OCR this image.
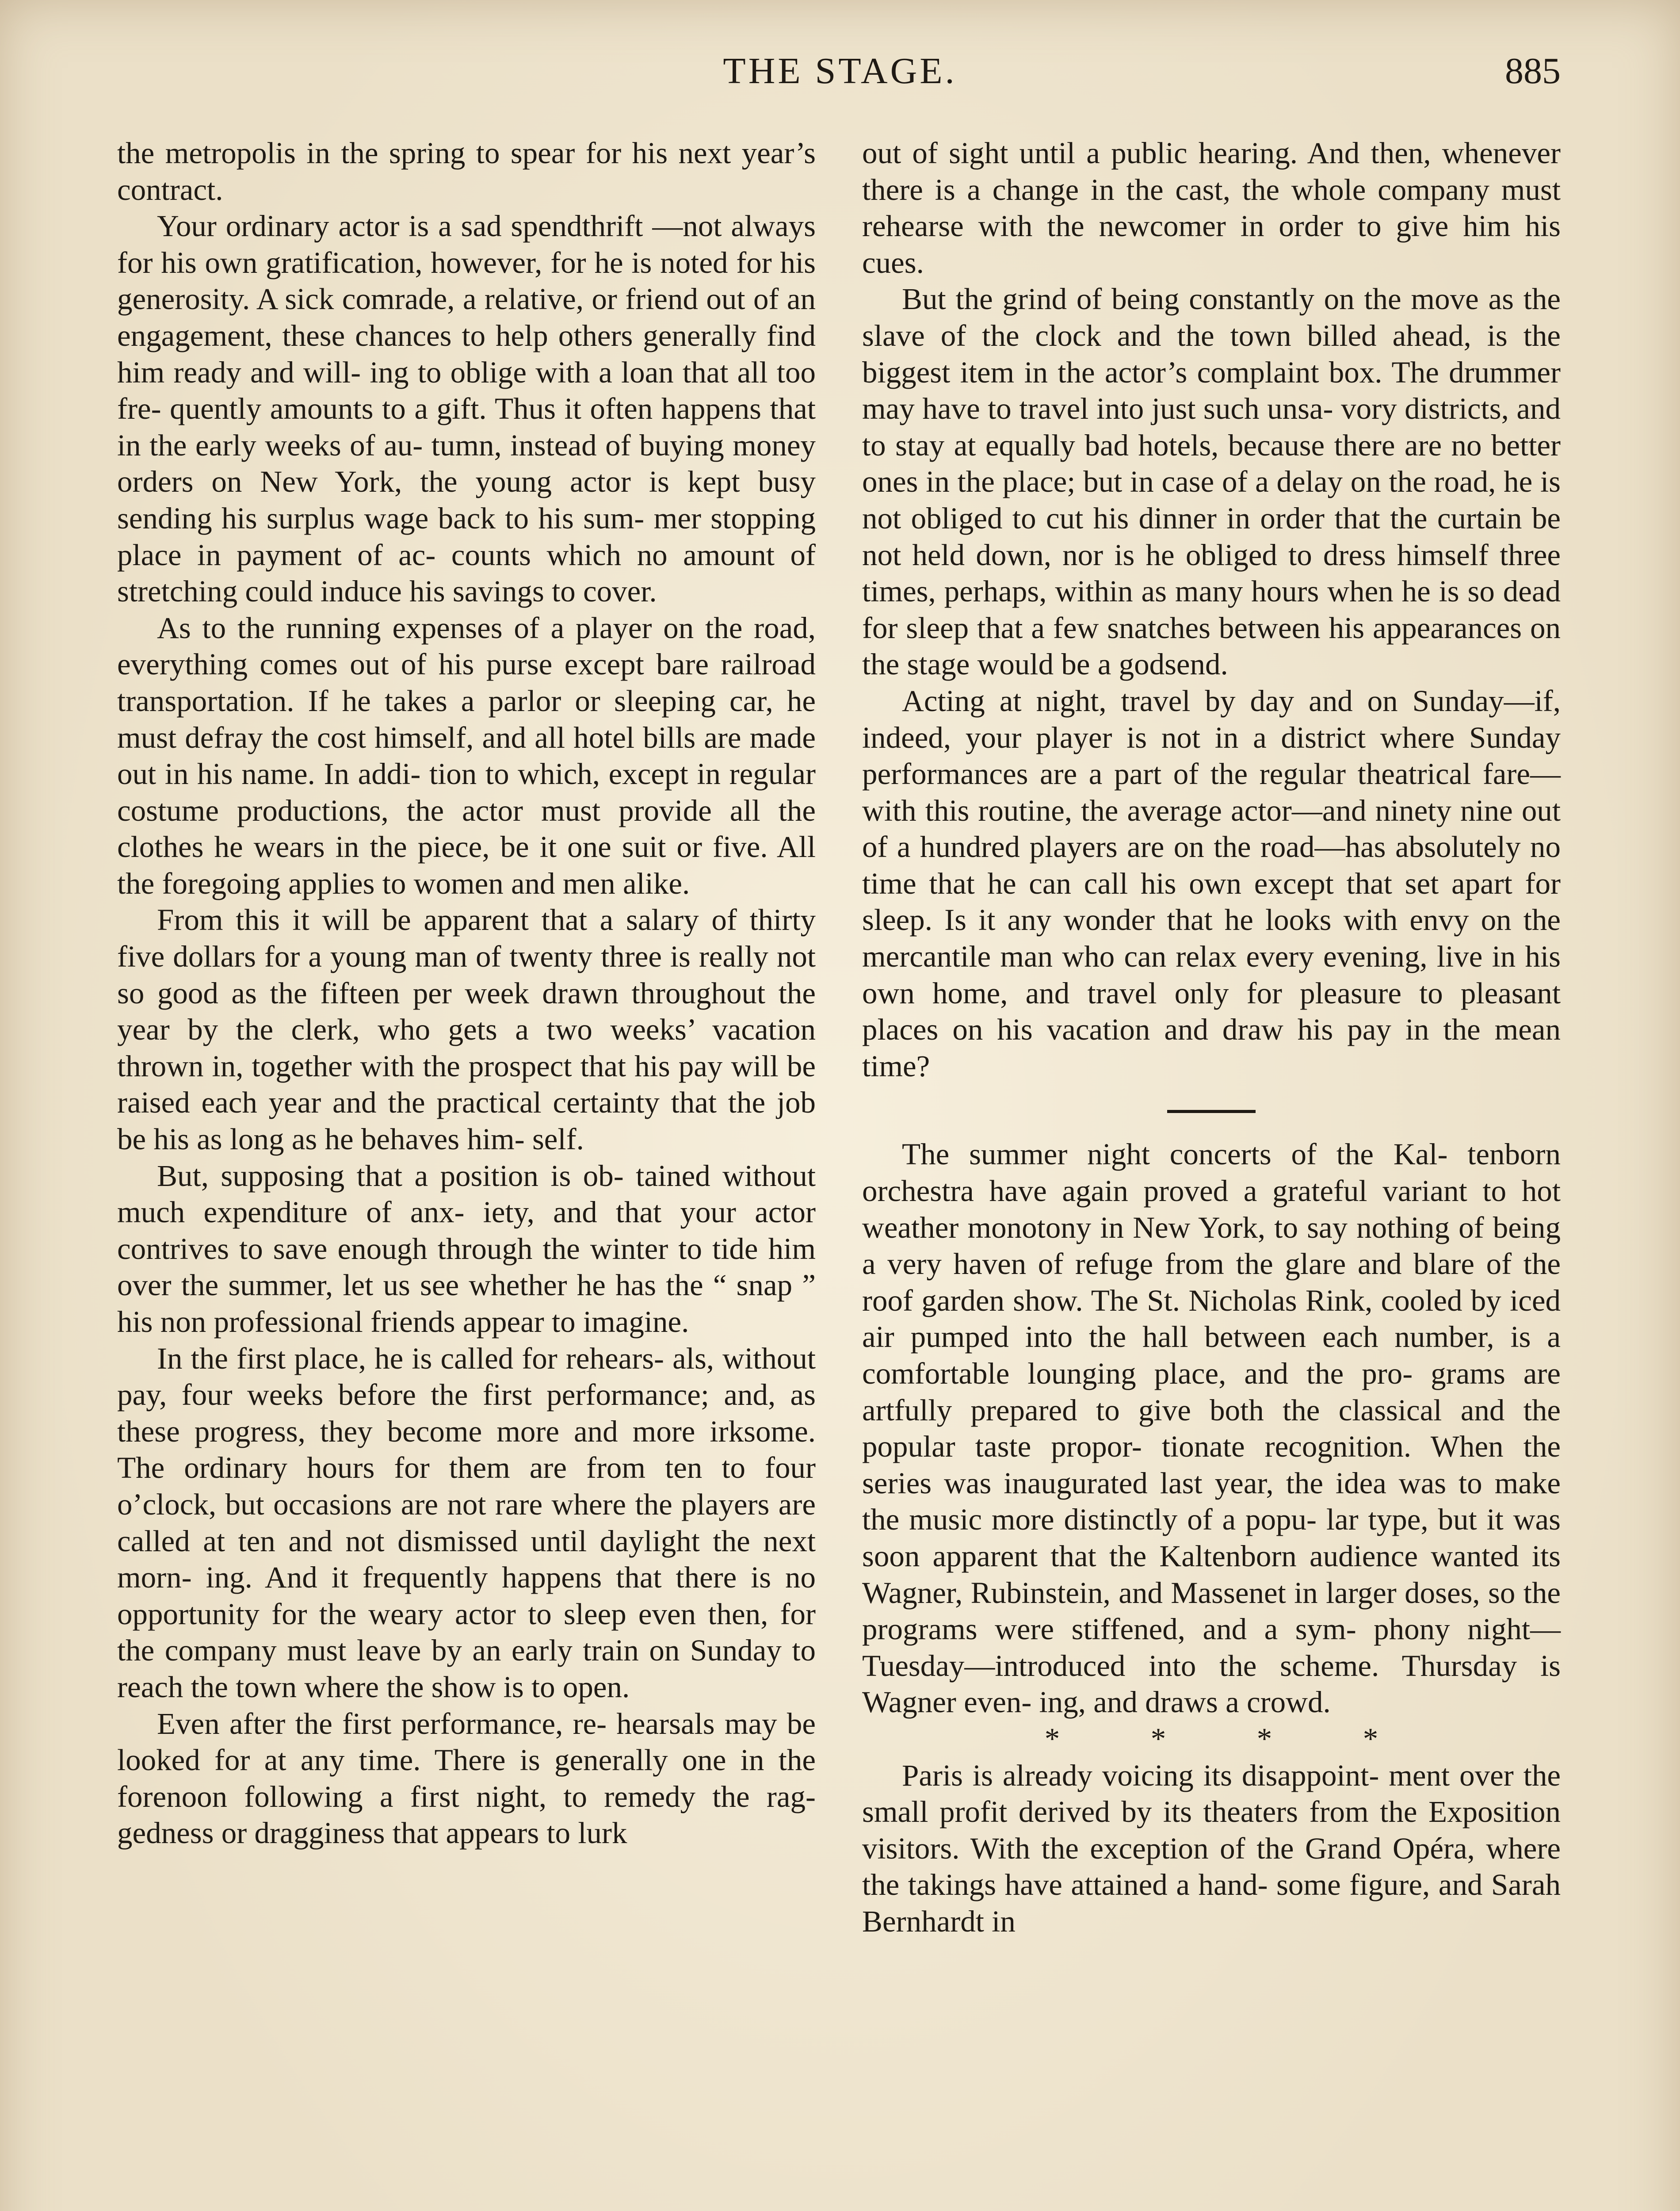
THE STAGE.	885

the metropolis in the spring to spear for his next year’s contract.

Your ordinary actor is a sad spendthrift —not always for his own gratification, however, for he is noted for his generosity. A sick comrade, a relative, or friend out of an engagement, these chances to help others generally find him ready and will- ing to oblige with a loan that all too fre- quently amounts to a gift. Thus it often happens that in the early weeks of au- tumn, instead of buying money orders on New York, the young actor is kept busy sending his surplus wage back to his sum- mer stopping place in payment of ac- counts which no amount of stretching could induce his savings to cover.

As to the running expenses of a player on the road, everything comes out of his purse except bare railroad transportation. If he takes a parlor or sleeping car, he must defray the cost himself, and all hotel bills are made out in his name. In addi- tion to which, except in regular costume productions, the actor must provide all the clothes he wears in the piece, be it one suit or five. All the foregoing applies to women and men alike.

From this it will be apparent that a salary of thirty five dollars for a young man of twenty three is really not so good as the fifteen per week drawn throughout the year by the clerk, who gets a two weeks’ vacation thrown in, together with the prospect that his pay will be raised each year and the practical certainty that the job be his as long as he behaves him- self.

But, supposing that a position is ob- tained without much expenditure of anx- iety, and that your actor contrives to save enough through the winter to tide him over the summer, let us see whether he has the “ snap ” his non professional friends appear to imagine.

In the first place, he is called for rehears- als, without pay, four weeks before the first performance; and, as these progress, they become more and more irksome. The ordinary hours for them are from ten to four o’clock, but occasions are not rare where the players are called at ten and not dismissed until daylight the next morn- ing. And it frequently happens that there is no opportunity for the weary actor to sleep even then, for the company must leave by an early train on Sunday to reach the town where the show is to open.

Even after the first performance, re- hearsals may be looked for at any time. There is generally one in the forenoon following a first night, to remedy the rag- gedness or dragginess that appears to lurk

out of sight until a public hearing. And then, whenever there is a change in the cast, the whole company must rehearse with the newcomer in order to give him his cues.

But the grind of being constantly on the move as the slave of the clock and the town billed ahead, is the biggest item in the actor’s complaint box. The drummer may have to travel into just such unsa- vory districts, and to stay at equally bad hotels, because there are no better ones in the place; but in case of a delay on the road, he is not obliged to cut his dinner in order that the curtain be not held down, nor is he obliged to dress himself three times, perhaps, within as many hours when he is so dead for sleep that a few snatches between his appearances on the stage would be a godsend.

Acting at night, travel by day and on Sunday—if, indeed, your player is not in a district where Sunday performances are a part of the regular theatrical fare—with this routine, the average actor—and ninety nine out of a hundred players are on the road—has absolutely no time that he can call his own except that set apart for sleep. Is it any wonder that he looks with envy on the mercantile man who can relax every evening, live in his own home, and travel only for pleasure to pleasant places on his vacation and draw his pay in the mean time?

The summer night concerts of the Kal- tenborn orchestra have again proved a grateful variant to hot weather monotony in New York, to say nothing of being a very haven of refuge from the glare and blare of the roof garden show. The St. Nicholas Rink, cooled by iced air pumped into the hall between each number, is a comfortable lounging place, and the pro- grams are artfully prepared to give both the classical and the popular taste propor- tionate recognition. When the series was inaugurated last year, the idea was to make the music more distinctly of a popu- lar type, but it was soon apparent that the Kaltenborn audience wanted its Wagner, Rubinstein, and Massenet in larger doses, so the programs were stiffened, and a sym- phony night—Tuesday—introduced into the scheme. Thursday is Wagner even- ing, and draws a crowd.

*	*	*	*

Paris is already voicing its disappoint- ment over the small profit derived by its theaters from the Exposition visitors. With the exception of the Grand Opéra, where the takings have attained a hand- some figure, and Sarah Bernhardt in
